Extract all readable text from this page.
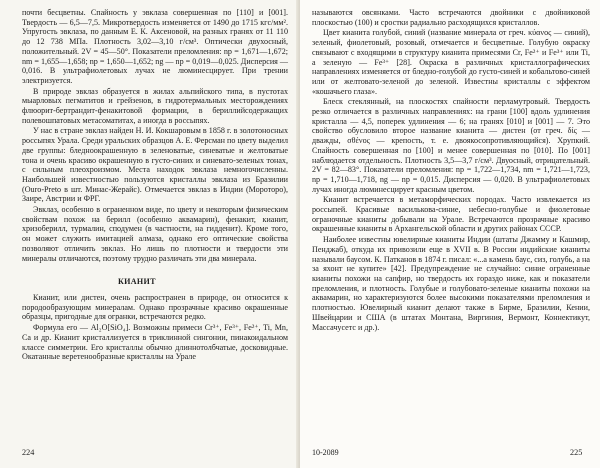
почти бесцветны. Спайность у эвклаза совершенная по [110] и [001]. Твердость — 6,5—7,5. Микротвердость изменяется от 1490 до 1715 кгс/мм². Упругость эвклаза, по данным Е. К. Аксеновой, на разных гранях от 11 110 до 12 738 МПа. Плотность 3,02—3,10 г/см³. Оптически двухосный, положительный. 2V = 45—50°. Показатели преломления: nр = 1,671—1,672; nm = 1,655—1,658; nр = 1,650—1,652; ng — nр = 0,019—0,025. Дисперсия — 0,016. В ультрафиолетовых лучах не люминесцирует. При трении электризуется.

В природе эвклаз образуется в жилах альпийского типа, в пустотах мыарловых пегматитов и грейзенов, в гидротермальных месторождениях флюорит-бертрандит-фенакитовой формации, в бериллийсодержащих полевошпатовых метасоматитах, а иногда в россыпях.

У нас в стране эвклаз найден Н. И. Кокшаровым в 1858 г. в золотоносных россыпях Урала. Среди уральских образцов А. Е. Ферсман по цвету выделил две группы: бледноокрашенную в зеленоватые, синеватые и желтоватые тона и очень красиво окрашенную в густо-синих и синевато-зеленых тонах, с сильным плеохроизмом. Места находок эвклаза немногочисленны. Наибольшей известностью пользуются кристаллы эвклаза из Бразилии (Ouro-Preto в шт. Минас-Жерайс). Отмечается эвклаз в Индии (Мороторо), Заире, Австрии и ФРГ.

Эвклаз, особенно в ограненном виде, по цвету и некоторым физическим свойствам похож на берилл (особенно аквамарин), фенакит, кианит, хризоберилл, турмалин, сподумен (в частности, на гидденит). Кроме того, он может служить имитацией алмаза, однако его оптические свойства позволяют отличить эвклаз. Но лишь по плотности и твердости эти минералы отличаются, поэтому трудно различать эти два минерала.

КИАНИТ

Кианит, или дистен, очень распространен в природе, он относится к породообразующим минералам. Однако прозрачные красиво окрашенные образцы, пригодные для огранки, встречаются редко.

Формула его — Al₂O[SiO₄]. Возможны примеси Cr³⁺, Fe³⁺, Fe²⁺, Ti, Mn, Ca и др. Кианит кристаллизуется в триклинной сингонии, пинакоидальном классе симметрии. Его кристаллы обычно длиннотолбчатые, досковидные. Окатанные веретенообразные кристаллы на Урале

224

называются овсянками. Часто встречаются двойники с двойниковой плоскостью (100) и сростки радиально расходящихся кристаллов.

Цвет кианита голубой, синий (название минерала от греч. κύανος — синий), зеленый, фиолетовый, розовый, отмечается и бесцветные. Голубую окраску связывают с входящими в структуру кианита примесями Cr, Fe²⁺ и Fe³⁺ или Ti, а зеленую — Fe³⁺ [28]. Окраска в различных кристаллографических направлениях изменяется от бледно-голубой до густо-синей и кобальтово-синей или от желтовато-зеленой до зеленой. Известны кристаллы с эффектом «кошачьего глаза».

Блеск стеклянный, на плоскостях спайности перламутровый. Твердость резко отличается в различных направлениях: на грани [100] вдоль удлинения кристалла — 4,5, поперек удлинения — 6; на гранях [010] и [001] — 7. Это свойство обусловило второе название кианита — дистен (от греч. δίς — дважды, σθένος — крепость, т. е. двоякосопротивляющийся). Хрупкий. Спайность совершенная по [100] и менее совершенная по [010]. По [001] наблюдается отдельность. Плотность 3,5—3,7 г/см³. Двуосный, отрицательный. 2V = 82—83°. Показатели преломления: nр = 1,722—1,734, nm = 1,721—1,723, nр = 1,710—1,718, ng — nр = 0,015. Дисперсия — 0,020. В ультрафиолетовых лучах иногда люминесцирует красным цветом.

Кианит встречается в метаморфических породах. Часто извлекается из россыпей. Красивые василькова-синие, небесно-голубые и фиолетовые ограночные кианиты добывали на Урале. Встречаются прозрачные красиво окрашенные кианиты в Архангельской области и других районах СССР.

Наиболее известны ювелирные кианиты Индии (штаты Джамму и Кашмир, Пенджаб), откуда их привозили еще в XVII в. В России индийские кианиты называли баусом. К. Патканов в 1874 г. писал: «...а камень баус, сиз, голубь, а на за яхонт не купите» [42]. Предупреждение не случайно: синие ограненные кианиты похожи на сапфир, но твердость их гораздо ниже, как и показатели преломления, и плотность. Голубые и голубовато-зеленые кианиты похожи на аквамарин, но характеризуются более высокими показателями преломления и плотностью. Ювелирный кианит делают также в Бирме, Бразилии, Кении, Швейцарии и США (в штатах Монтана, Виргиния, Вермонт, Коннектикут, Массачусетс и др.).

10-2089	225
